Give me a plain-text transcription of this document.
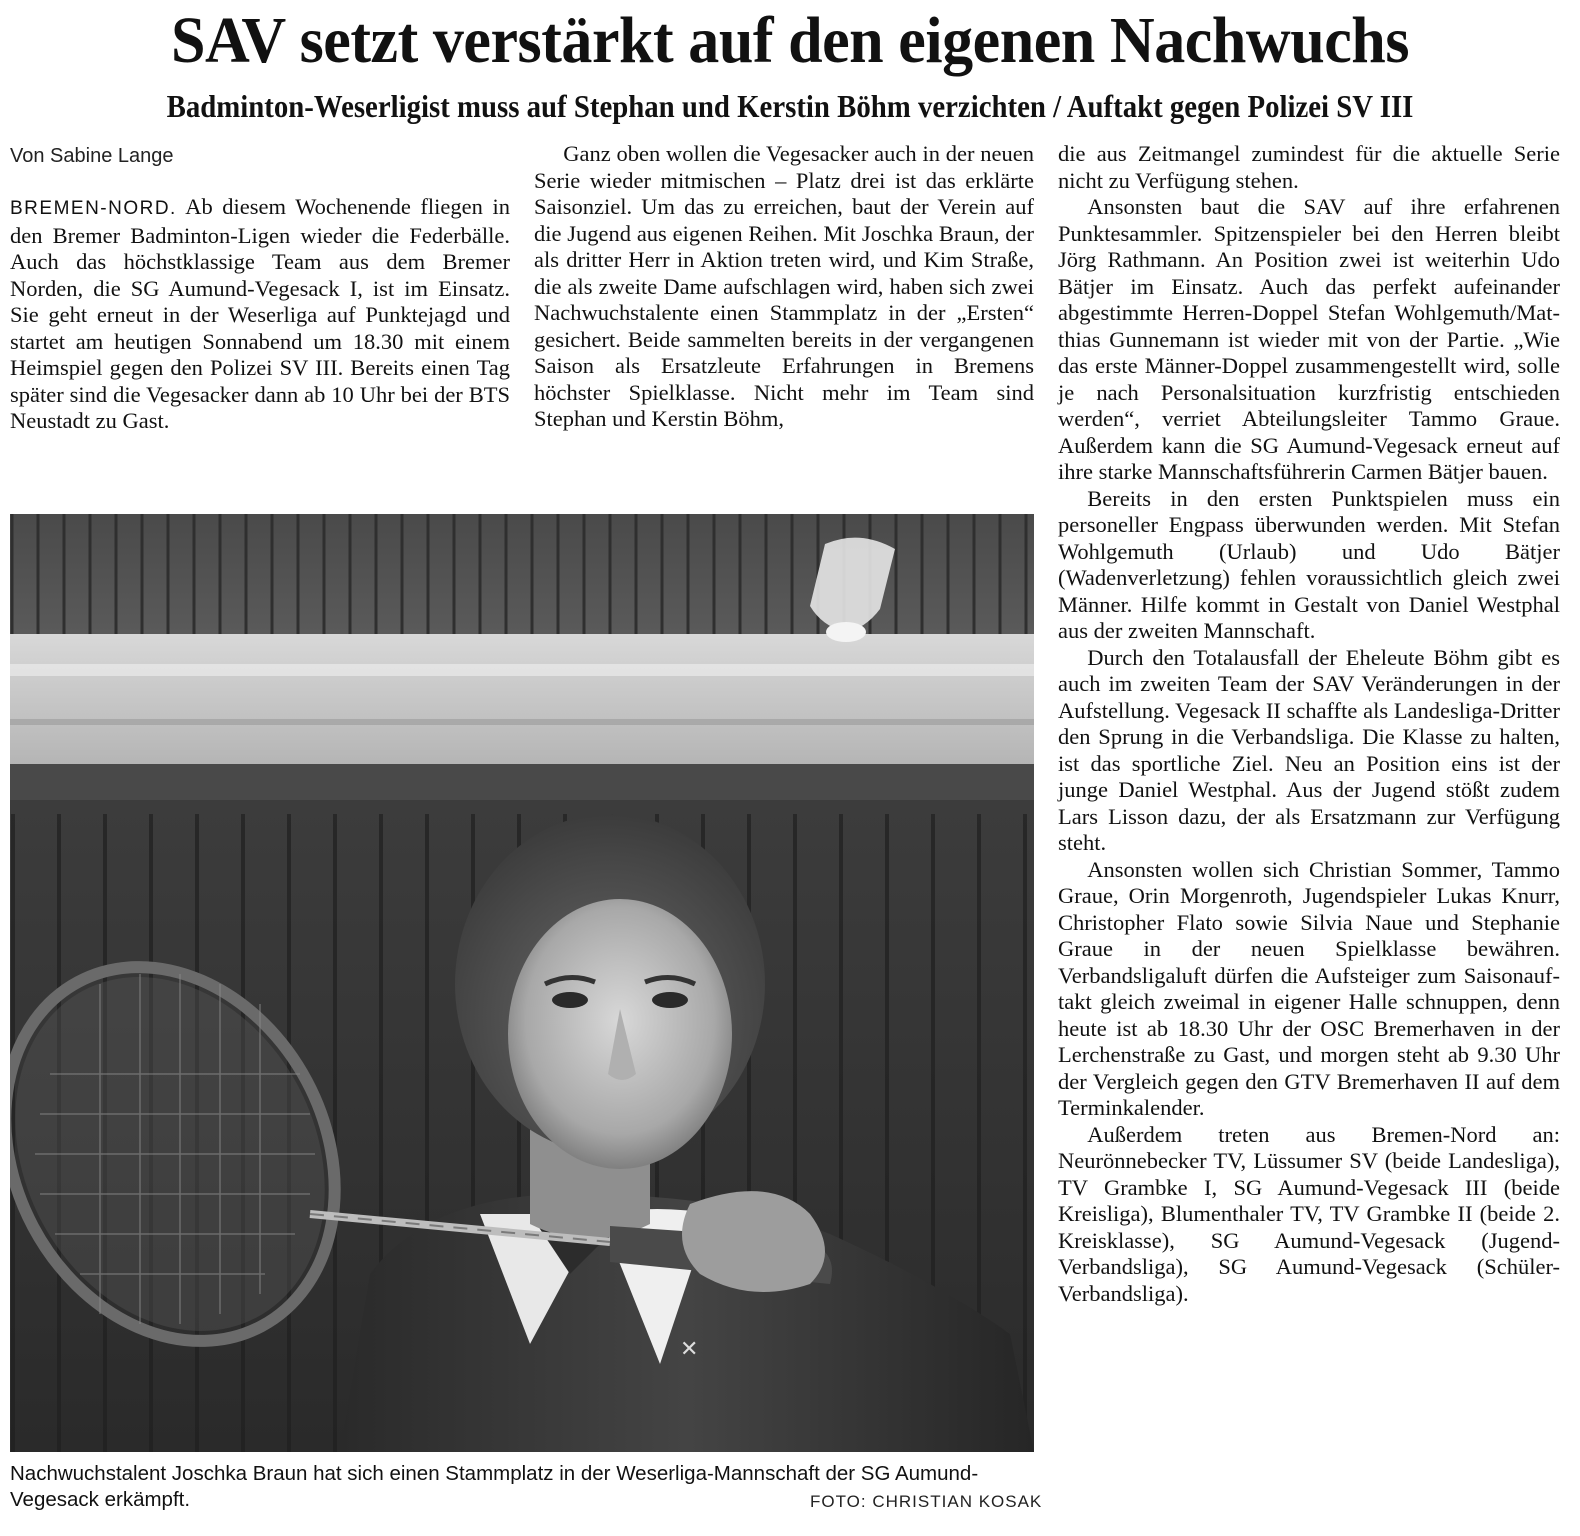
SAV setzt verstärkt auf den eigenen Nachwuchs
Badminton-Weserligist muss auf Stephan und Kerstin Böhm verzichten / Auftakt gegen Polizei SV III
Von Sabine Lange

BREMEN-NORD. Ab diesem Wochenende fliegen in den Bremer Badminton-Ligen wieder die Federbälle. Auch das höchstklassige Team aus dem Bremer Norden, die SG Aumund-Vegesack I, ist im Einsatz. Sie geht erneut in der Weserliga auf Punktejagd und startet am heutigen Sonnabend um 18.30 mit einem Heimspiel gegen den Polizei SV III. Bereits einen Tag später sind die Vegesacker dann ab 10 Uhr bei der BTS Neustadt zu Gast.

Ganz oben wollen die Vegesacker auch in der neuen Serie wieder mitmischen – Platz drei ist das erklärte Saisonziel. Um das zu erreichen, baut der Verein auf die Jugend aus eigenen Reihen. Mit Joschka Braun, der als dritter Herr in Aktion treten wird, und Kim Straße, die als zweite Dame aufschlagen wird, haben sich zwei Nachwuchstalente einen Stammplatz in der „Ersten“ gesichert. Beide sammelten bereits in der vergangenen Saison als Ersatzleute Erfahrungen in Bremens höchster Spielklasse. Nicht mehr im Team sind Stephan und Kerstin Böhm,

die aus Zeitmangel zumindest für die aktuelle Serie nicht zu Verfügung stehen.

Ansonsten baut die SAV auf ihre erfahrenen Punktesammler. Spitzenspieler bei den Herren bleibt Jörg Rathmann. An Position zwei ist weiterhin Udo Bätjer im Einsatz. Auch das perfekt aufeinander abgestimmte Herren-Doppel Stefan Wohlgemuth/Matthias Gunnemann ist wieder mit von der Partie. „Wie das erste Männer-Doppel zusammengestellt wird, solle je nach Personalsituation kurzfristig entschieden werden“, verriet Abteilungsleiter Tammo Graue. Außerdem kann die SG Aumund-Vegesack erneut auf ihre starke Mannschaftsführerin Carmen Bätjer bauen.

Bereits in den ersten Punktspielen muss ein personeller Engpass überwunden werden. Mit Stefan Wohlgemuth (Urlaub) und Udo Bätjer (Wadenverletzung) fehlen voraussichtlich gleich zwei Männer. Hilfe kommt in Gestalt von Daniel Westphal aus der zweiten Mannschaft.

Durch den Totalausfall der Eheleute Böhm gibt es auch im zweiten Team der SAV Veränderungen in der Aufstellung. Vegesack II schaffte als Landesliga-Dritter den Sprung in die Verbandsliga. Die Klasse zu halten, ist das sportliche Ziel. Neu an Position eins ist der junge Daniel Westphal. Aus der Jugend stößt zudem Lars Lisson dazu, der als Ersatzmann zur Verfügung steht.

Ansonsten wollen sich Christian Sommer, Tammo Graue, Orin Morgenroth, Jugendspieler Lukas Knurr, Christopher Flato sowie Silvia Naue und Stephanie Graue in der neuen Spielklasse bewähren. Verbandsligaluft dürfen die Aufsteiger zum Saisonauftakt gleich zweimal in eigener Halle schnuppen, denn heute ist ab 18.30 Uhr der OSC Bremerhaven in der Lerchenstraße zu Gast, und morgen steht ab 9.30 Uhr der Vergleich gegen den GTV Bremerhaven II auf dem Terminkalender.

Außerdem treten aus Bremen-Nord an: Neurönnebecker TV, Lüssumer SV (beide Landesliga), TV Grambke I, SG Aumund-Vegesack III (beide Kreisliga), Blumenthaler TV, TV Grambke II (beide 2. Kreisklasse), SG Aumund-Vegesack (Jugend-Verbandsliga), SG Aumund-Vegesack (Schüler-Verbandsliga).

✕
Nachwuchstalent Joschka Braun hat sich einen Stammplatz in der Weserliga-Mannschaft der SG Aumund-Vegesack erkämpft.	FOTO: CHRISTIAN KOSAK
